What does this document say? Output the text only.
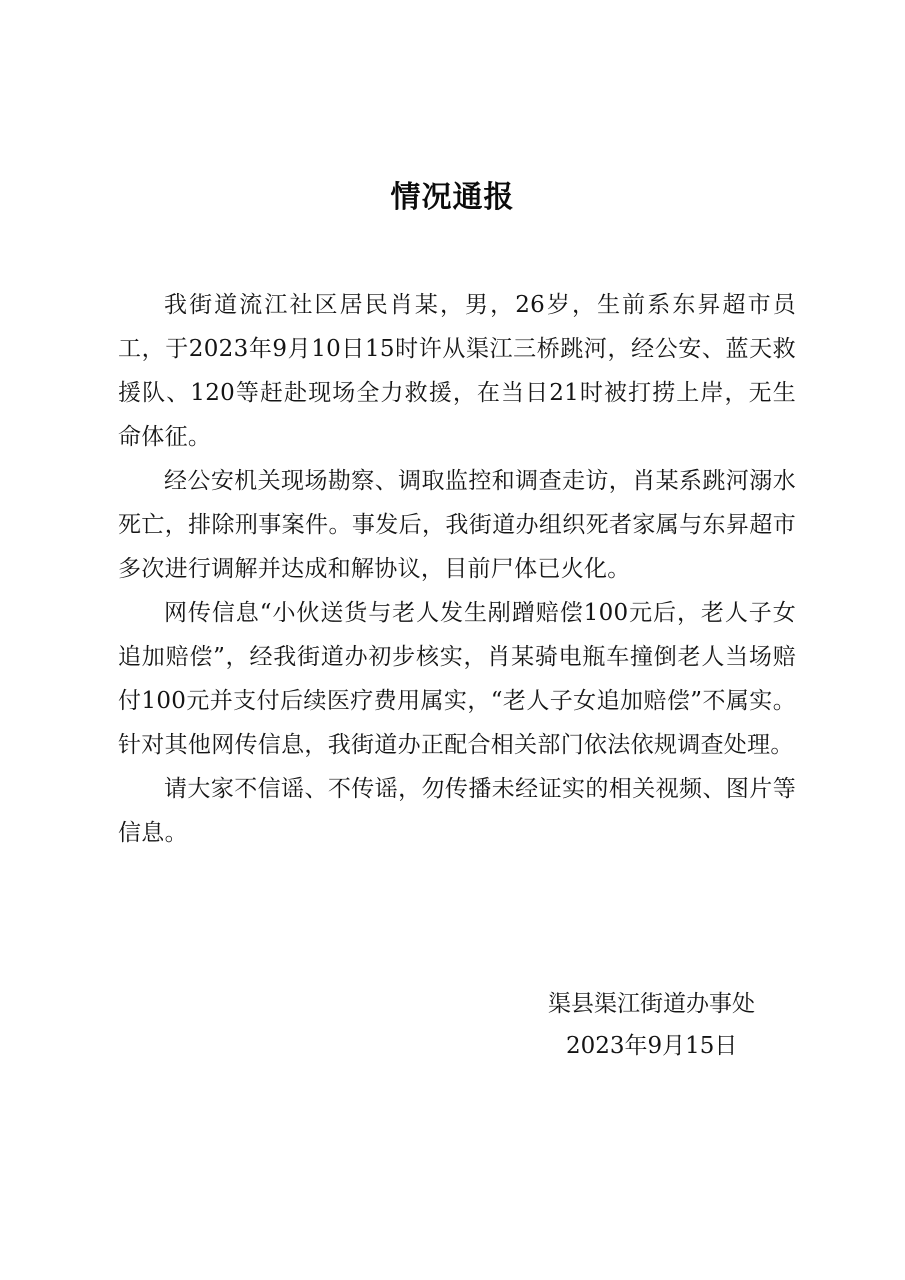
情况通报

我街道流江社区居民肖某，男，26岁，生前系东昇超市员工，于2023年9月10日15时许从渠江三桥跳河，经公安、蓝天救援队、120等赶赴现场全力救援，在当日21时被打捞上岸，无生命体征。

经公安机关现场勘察、调取监控和调查走访，肖某系跳河溺水死亡，排除刑事案件。事发后，我街道办组织死者家属与东昇超市多次进行调解并达成和解协议，目前尸体已火化。

网传信息“小伙送货与老人发生剐蹭赔偿100元后，老人子女追加赔偿”，经我街道办初步核实，肖某骑电瓶车撞倒老人当场赔付100元并支付后续医疗费用属实，“老人子女追加赔偿”不属实。针对其他网传信息，我街道办正配合相关部门依法依规调查处理。

请大家不信谣、不传谣，勿传播未经证实的相关视频、图片等信息。

渠县渠江街道办事处
2023年9月15日
